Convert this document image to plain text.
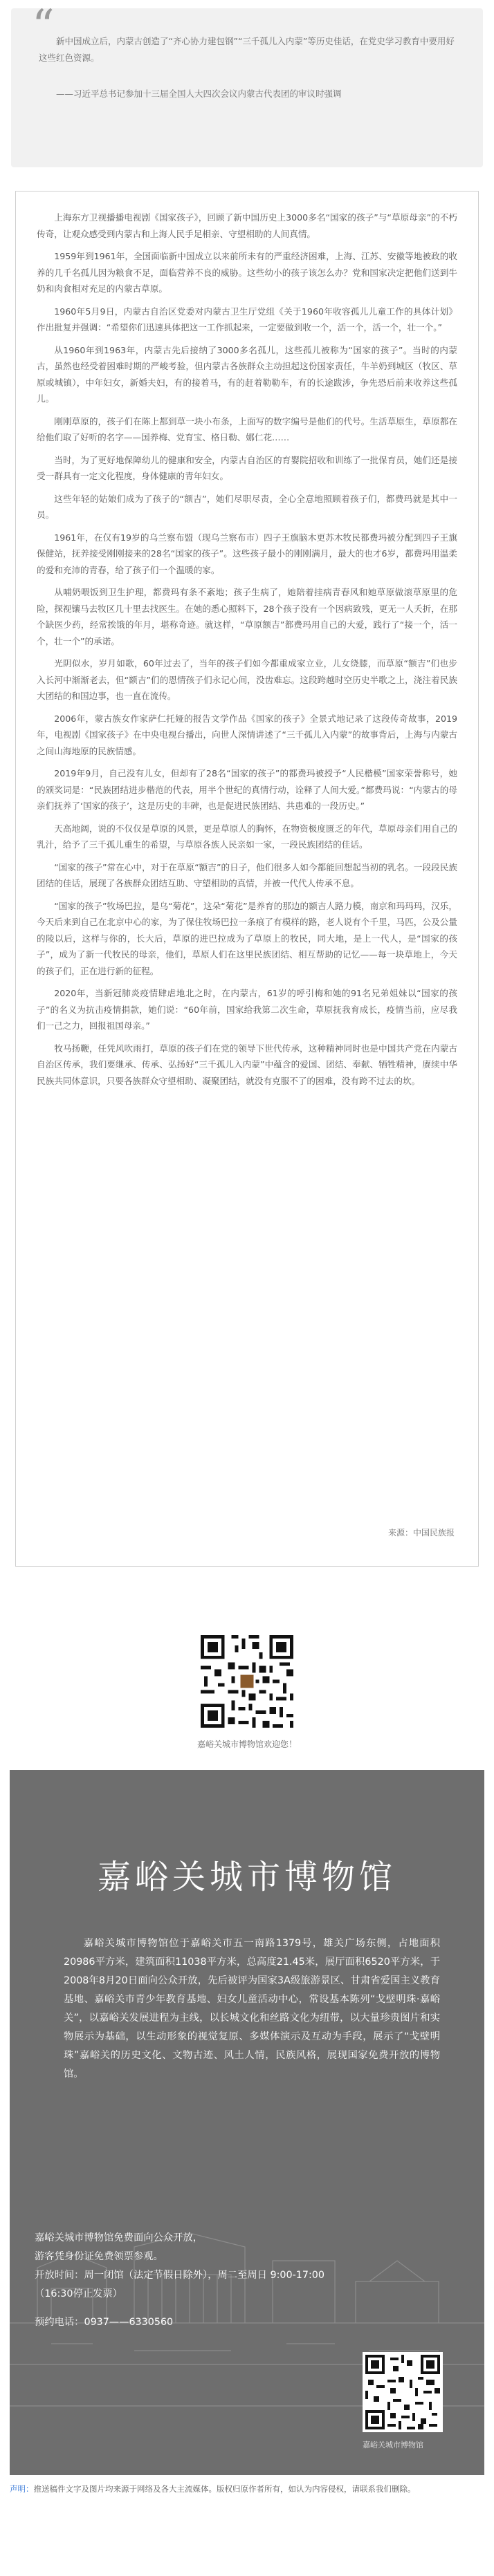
“ 新中国成立后，内蒙古创造了“齐心协力建包钢”“三千孤儿入内蒙”等历史佳话，在党史学习教育中要用好这些红色资源。

——习近平总书记参加十三届全国人大四次会议内蒙古代表团的审议时强调

上海东方卫视播播电视剧《国家孩子》，回顾了新中国历史上3000多名“国家的孩子”与“草原母亲”的不朽传奇，让观众感受到内蒙古和上海人民手足相亲、守望相助的人间真情。

1959年到1961年，全国面临新中国成立以来前所未有的严重经济困难，上海、江苏、安徽等地被政的收养的几千名孤儿因为粮食不足，面临营养不良的威胁。这些幼小的孩子该怎么办？党和国家决定把他们送到牛奶和肉食相对充足的内蒙古草原。

1960年5月9日，内蒙古自治区党委对内蒙古卫生厅党组《关于1960年收容孤儿儿童工作的具体计划》作出批复并强调：“希望你们迅速具体把这一工作抓起来，一定要做到收一个，活一个，活一个，壮一个。”

从1960年到1963年，内蒙古先后接纳了3000多名孤儿，这些孤儿被称为“国家的孩子”。当时的内蒙古，虽然也经受着困难时期的严峻考验，但内蒙古各族群众主动担起这份国家责任，牛羊奶到城区（牧区、草原或城镇），中年妇女，新婚夫妇，有的接着马，有的赶着勒勒车，有的长途跋涉，争先恐后前来收养这些孤儿。

刚刚草原的，孩子们在陈上都到草一块小布条，上面写的数字编号是他们的代号。生活草原生，草原都在给他们取了好听的名字——国养梅、党育宝、格日勒、娜仁花……

当时，为了更好地保障幼儿的健康和安全，内蒙古自治区的育婴院招收和训练了一批保育员，她们还是接受一群具有一定文化程度，身体健康的青年妇女。

这些年轻的姑娘们成为了孩子的“额吉”，她们尽职尽责，全心全意地照顾着孩子们，都费玛就是其中一员。

1961年，在仅有19岁的乌兰察布盟（现乌兰察布市）四子王旗脑木更苏木牧民都费玛被分配到四子王旗保健站，抚养接受刚刚接来的28名“国家的孩子”。这些孩子最小的刚刚满月，最大的也才6岁，都费玛用温柔的爱和充沛的青春，给了孩子们一个温暖的家。

从哺奶喂饭到卫生护理，都费玛有条不紊地；孩子生病了，她陪着挂病青春风和她草原做滚草原里的危险，探视镶马去牧区几十里去找医生。在她的悉心照料下，28个孩子没有一个因病致残，更无一人夭折，在那个缺医少药，经常挨饿的年月，堪称奇迹。就这样，“草原额吉”都费玛用自己的大爱，践行了“接一个，活一个，壮一个”的承诺。

光阴似水，岁月如歌，60年过去了，当年的孩子们如今都重成家立业，儿女绕膝，而草原“额吉”们也步入长河中渐渐老去，但“额吉”们的恩情孩子们永记心间，没齿难忘。这段跨越时空历史半歌之上，浇注着民族大团结的和国边事，也一直在流传。

2006年，蒙古族女作家萨仁托娅的报告文学作品《国家的孩子》全景式地记录了这段传奇故事，2019年，电视剧《国家孩子》在中央电视台播出，向世人深情讲述了“三千孤儿入内蒙”的故事背后，上海与内蒙古之间山海地原的民族情感。

2019年9月，自己没有儿女，但却有了28名“国家的孩子”的都费玛被授予“人民楷模”国家荣誉称号，她的颁奖词是：“民族团结进步楷范的代表，用半个世纪的真情行动，诠释了人间大爱。”都费玛说：“内蒙古的母亲们抚养了‘国家的孩子’，这是历史的丰碑，也是促进民族团结、共患难的一段历史。”

天高地阔，说的不仅仅是草原的风景，更是草原人的胸怀，在物资极度匮乏的年代，草原母亲们用自己的乳汁，给予了三千孤儿重生的希望，与草原各族人民亲如一家，一段民族团结的佳话。

“国家的孩子”常在心中，对于在草原“额吉”的日子，他们很多人如今都能回想起当初的乳名。一段段民族团结的佳话，展现了各族群众团结互助、守望相助的真情，并被一代代人传承不息。

“国家的孩子”牧场巴拉，是乌“菊花”，这朵“菊花”是养育的那边的额吉人路力模，南京和玛玛玛，汉乐，今天后来到自己在北京中心的家，为了保住牧场巴拉一条痕了有模样的路，老人说有个千里，马匹，公及公量的陵以后，这样与你的，长大后，草原的进巴拉成为了草原上的牧民，同大地，是上一代人，是“国家的孩子”，成为了新一代牧民的母亲，他们，草原人们在这里民族团结、相互帮助的记忆——每一块草地上，今天的孩子们，正在进行新的征程。

2020年，当新冠肺炎疫情肆虐地北之时，在内蒙古，61岁的呼引梅和她的91名兄弟姐妹以“国家的孩子”的名义为抗击疫情捐款，她们说：“60年前，国家给我第二次生命，草原抚我育成长，疫情当前，应尽我们一己之力，回报祖国母亲。”

牧马扬鞭，任凭风吹雨打，草原的孩子们在党的领导下世代传承，这种精神同时也是中国共产党在内蒙古自治区传承，我们要继承、传承、弘扬好“三千孤儿入内蒙”中蕴含的爱国、团结、奉献、牺牲精神，赓续中华民族共同体意识，只要各族群众守望相助、凝聚团结，就没有克服不了的困难，没有跨不过去的坎。

来源：中国民族报
嘉峪关城市博物馆欢迎您！
嘉峪关城市博物馆

嘉峪关城市博物馆位于嘉峪关市五一南路1379号，雄关广场东侧，占地面积20986平方米，建筑面积11038平方米，总高度21.45米，展厅面积6520平方米，于2008年8月20日面向公众开放，先后被评为国家3A级旅游景区、甘肃省爱国主义教育基地、嘉峪关市青少年教育基地、妇女儿童活动中心，常设基本陈列“戈壁明珠·嘉峪关”，以嘉峪关发展进程为主线，以长城文化和丝路文化为纽带，以大量珍贵图片和实物展示为基础，以生动形象的视觉复原、多媒体演示及互动为手段，展示了“戈壁明珠”嘉峪关的历史文化、文物古迹、风土人情，民族风格，展现国家免费开放的博物馆。

嘉峪关城市博物馆免费面向公众开放，
游客凭身份证免费领票参观。
开放时间：周一闭馆（法定节假日除外），周二至周日 9:00-17:00（16:30停止发票）
预约电话：0937——6330560
嘉峪关城市博物馆
声明：推送稿件文字及图片均来源于网络及各大主流媒体。版权归原作者所有，如认为内容侵权，请联系我们删除。
